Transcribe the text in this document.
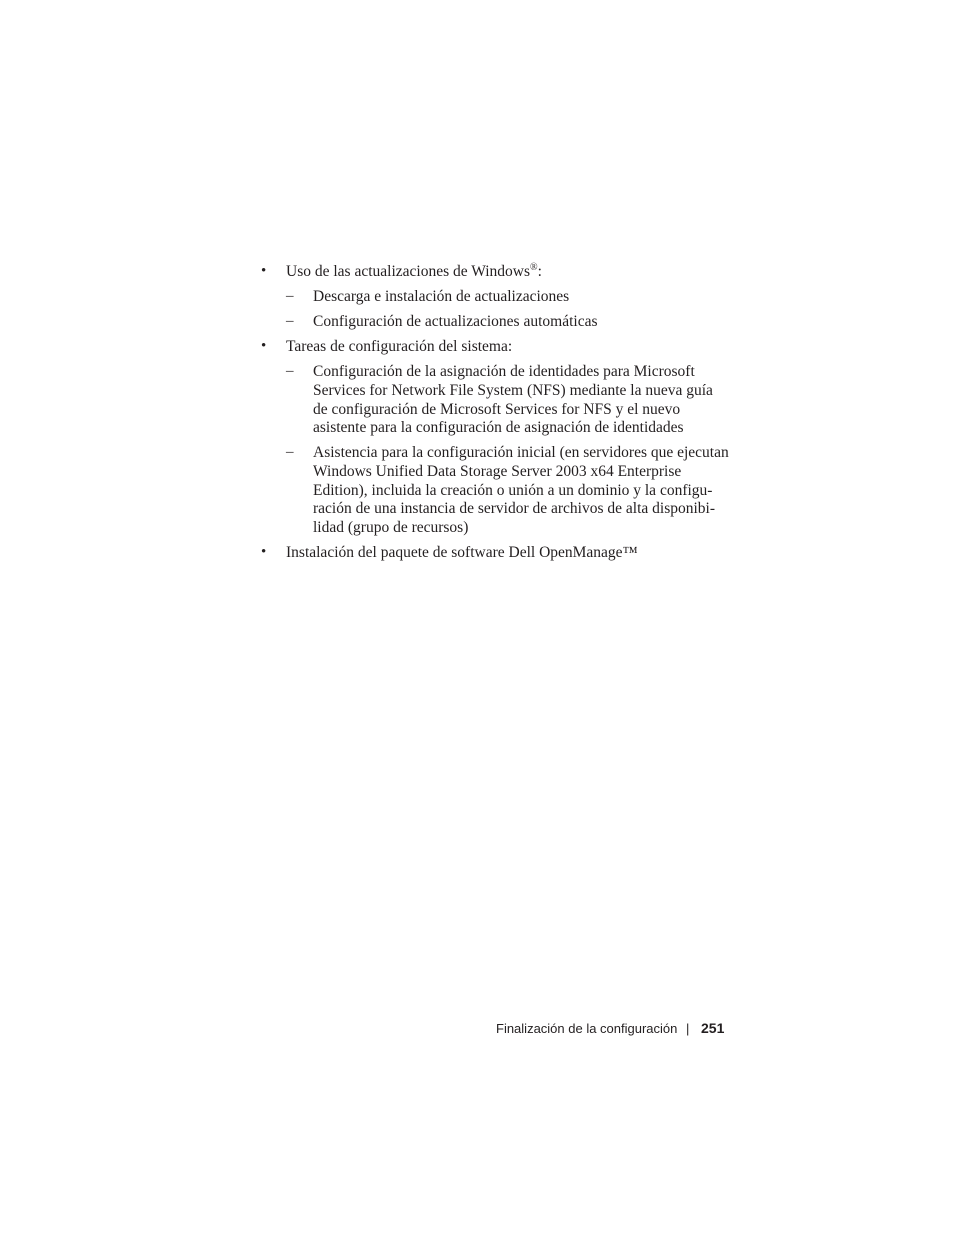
• Uso de las actualizaciones de Windows®:
– Descarga e instalación de actualizaciones
– Configuración de actualizaciones automáticas
• Tareas de configuración del sistema:
– Configuración de la asignación de identidades para Microsoft
Services for Network File System (NFS) mediante la nueva guía
de configuración de Microsoft Services for NFS y el nuevo
asistente para la configuración de asignación de identidades
– Asistencia para la configuración inicial (en servidores que ejecutan
Windows Unified Data Storage Server 2003 x64 Enterprise
Edition), incluida la creación o unión a un dominio y la configu-
ración de una instancia de servidor de archivos de alta disponibi-
lidad (grupo de recursos)
• Instalación del paquete de software Dell OpenManage™
Finalización de la configuración | 251
